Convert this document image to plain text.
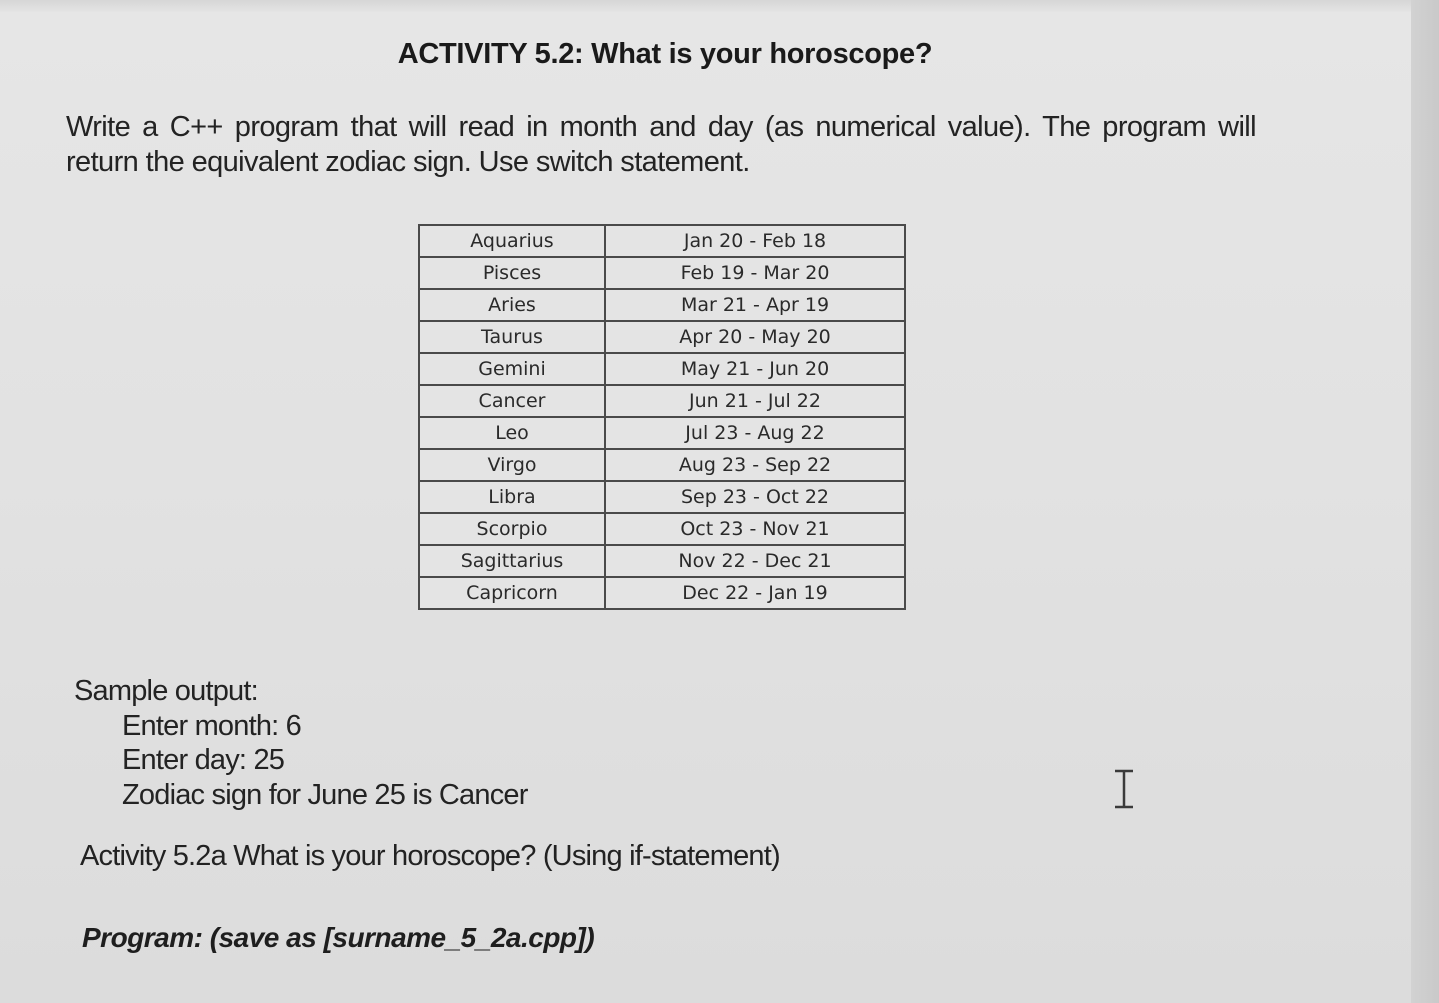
ACTIVITY 5.2: What is your horoscope?
Write a C++ program that will read in month and day (as numerical value). The program will return the equivalent zodiac sign. Use switch statement.
Aquarius	Jan 20 - Feb 18
Pisces	Feb 19 - Mar 20
Aries	Mar 21 - Apr 19
Taurus	Apr 20 - May 20
Gemini	May 21 - Jun 20
Cancer	Jun 21 - Jul 22
Leo	Jul 23 - Aug 22
Virgo	Aug 23 - Sep 22
Libra	Sep 23 - Oct 22
Scorpio	Oct 23 - Nov 21
Sagittarius	Nov 22 - Dec 21
Capricorn	Dec 22 - Jan 19
Sample output:
Enter month: 6
Enter day: 25
Zodiac sign for June 25 is Cancer
Activity 5.2a What is your horoscope? (Using if-statement)
Program: (save as [surname_5_2a.cpp])
